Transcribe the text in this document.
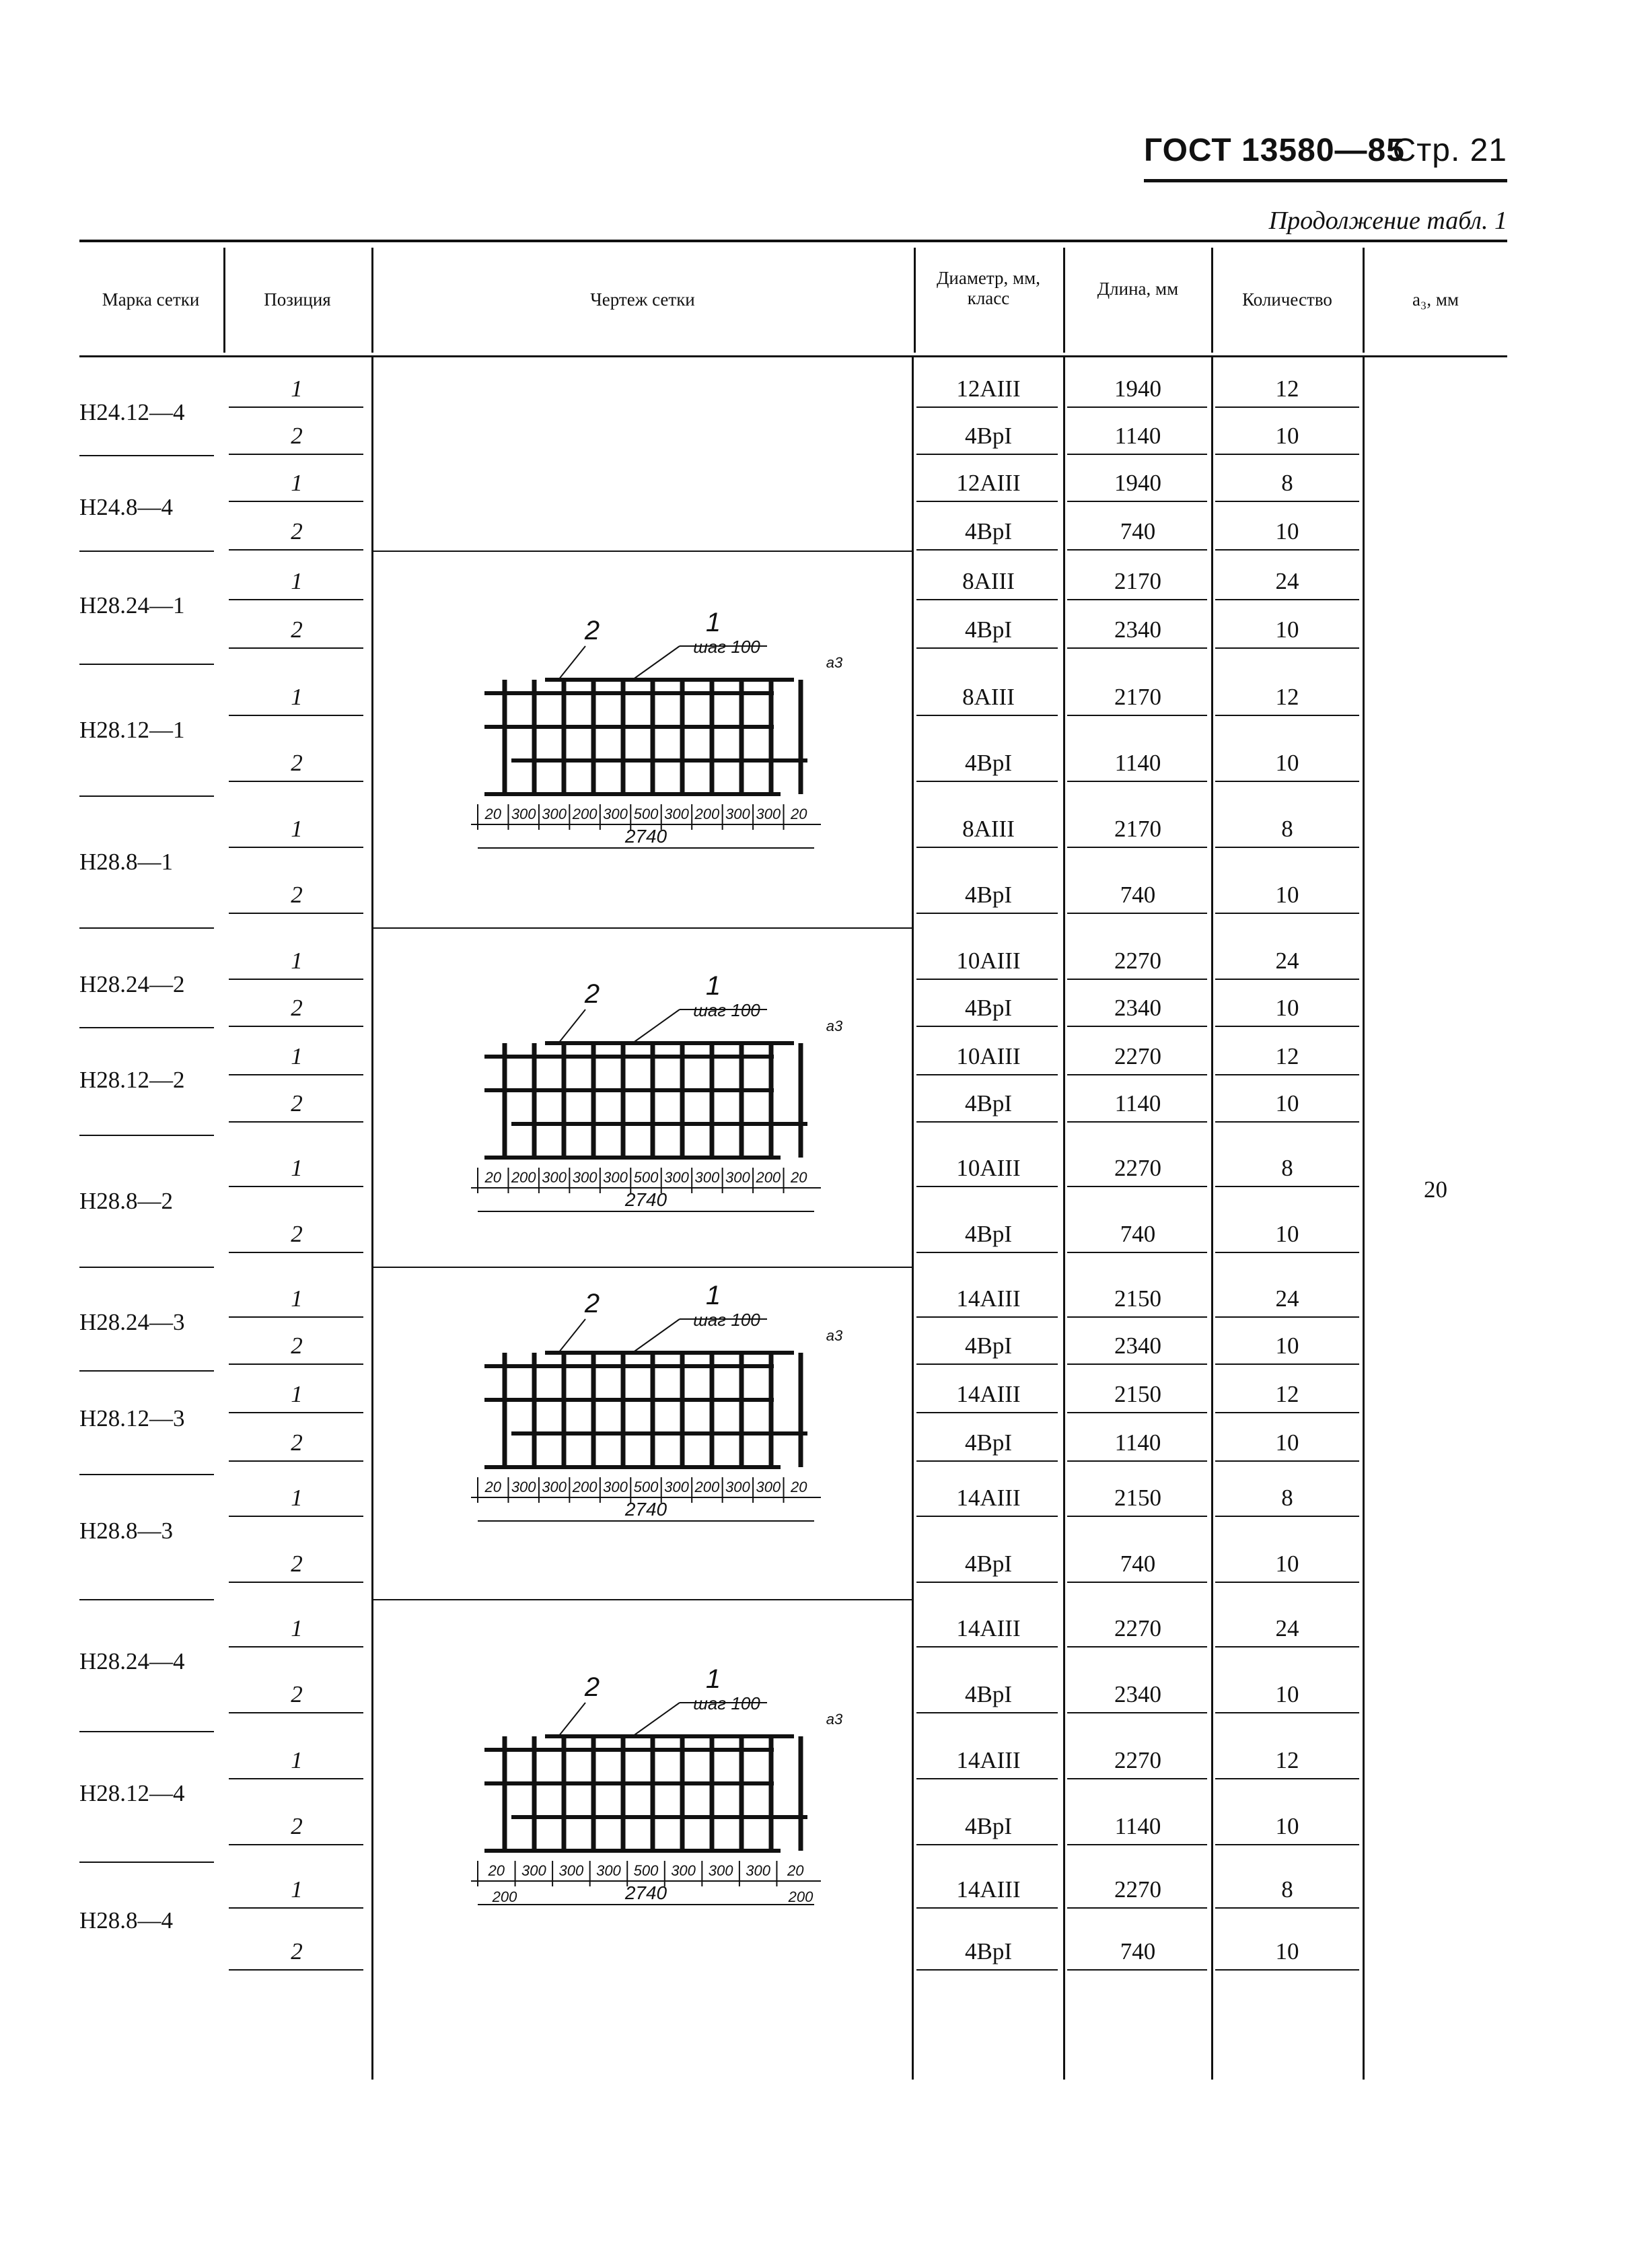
ГОСТ 13580—85
Стр. 21
Продолжение табл. 1
Марка сетки	Позиция	Чертеж сетки
Диаметр, мм, класс	Длина, мм
Количество	a₃, мм
Н24.12—4
1	12AIII	1940	12
2	4BpI	1140	10
Н24.8—4
1	12AIII	1940	8
2	4BpI	740	10
Н28.24—1
1	8AIII	2170	24
2	4BpI	2340	10
Н28.12—1
1	8AIII	2170	12
2	4BpI	1140	10
Н28.8—1
1	8AIII	2170	8
2	4BpI	740	10
Н28.24—2
1	10AIII	2270	24
2	4BpI	2340	10
Н28.12—2
1	10AIII	2270	12
2	4BpI	1140	10
Н28.8—2
1	10AIII	2270	8
2	4BpI	740	10
Н28.24—3
1	14AIII	2150	24
2	4BpI	2340	10
Н28.12—3
1	14AIII	2150	12
2	4BpI	1140	10
Н28.8—3
1	14AIII	2150	8
2	4BpI	740	10
Н28.24—4
1	14AIII	2270	24
2	4BpI	2340	10
Н28.12—4
1	14AIII	2270	12
2	4BpI	1140	10
Н28.8—4
1	14AIII	2270	8
2	4BpI	740	10
20
2	1
шаг 100
a3
20 300 300 200 300 500 300 200 300 300 20
2740
2	1
шаг 100
a3
20 200 300 300 300 500 300 300 300 200 20
2740
2	1
шаг 100
a3
20 300 300 200 300 500 300 200 300 300 20
2740
2	1
шаг 100
a3
20 300 300 300 500 300 300 300 20
2740
200	200
